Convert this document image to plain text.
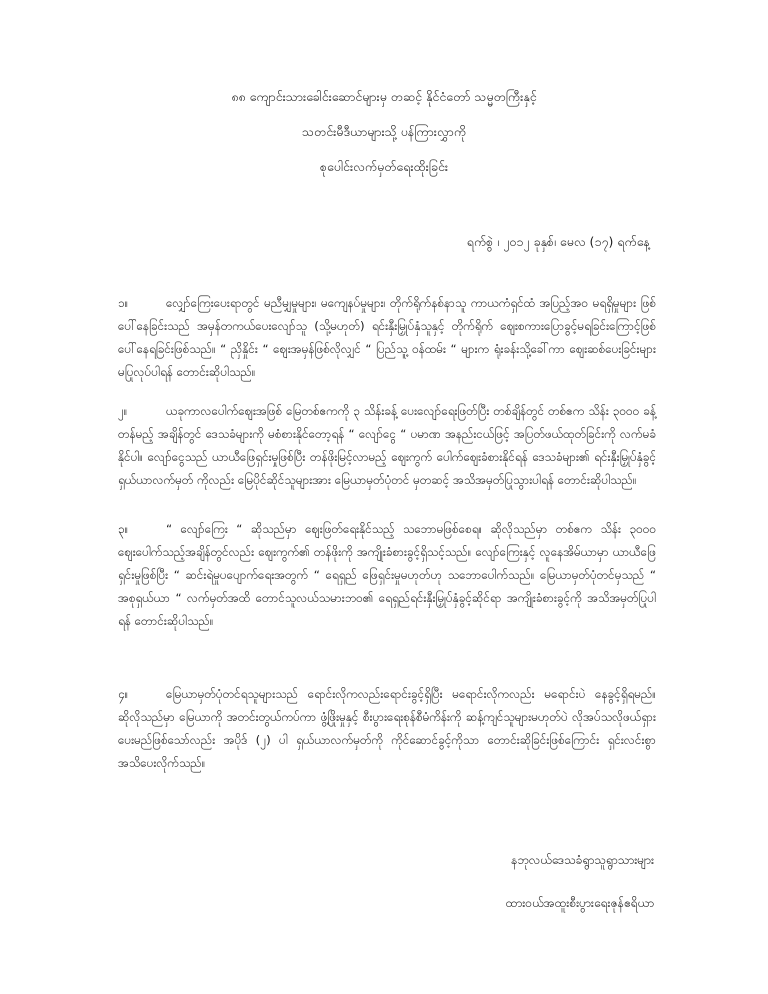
၈၈ ကျောင်းသားခေါင်းဆောင်များမှ တဆင့် နိုင်ငံတော် သမ္မတကြီးနှင့်
သတင်းမီဒီယာများသို့ ပန်ကြားလွှာကို
စုပေါင်းလက်မှတ်ရေးထိုးခြင်း
ရက်စွဲ ၊ ၂၀၁၂ ခုနှစ်၊ မေလ (၁၇) ရက်နေ့
၁။	လျှော်ကြေးပေးရာတွင် မညီမျှမှုများ၊ မကျေနပ်မှုများ၊ တိုက်ရိုက်နစ်နာသူ ကာယကံရှင်ထံ အပြည့်အဝ မရရှိမှုများ ဖြစ်ပေါ်နေခြင်းသည် အမှန်တကယ်ပေးလျော်သူ (သို့မဟုတ်) ရင်းနှီးမြှုပ်နှံသူနှင့် တိုက်ရိုက် ဈေးစကားပြောခွင့်မရခြင်းကြောင့်ဖြစ်ပေါ်နေရခြင်းဖြစ်သည်။ “ ညှိနှိုင်း “ ဈေးအမှန်ဖြစ်လိုလျှင် “ ပြည်သူ့ ဝန်ထမ်း “ များက ရုံးခန်းသို့ခေါ်ကာ ဈေးဆစ်ပေးခြင်းများ မပြုလုပ်ပါရန် တောင်းဆိုပါသည်။
၂။	ယခုကာလပေါက်ဈေးအဖြစ် မြေတစ်ဧကကို ၃ သိန်းခန့် ပေးလျော်ရေးဖြတ်ပြီး တစ်ချိန်တွင် တစ်ဧက သိန်း ၃၀၀၀ ခန့်တန်မည့် အချိန်တွင် ဒေသခံများကို မစံစားနိုင်တော့ရန် “ လျော်ငွေ “ ပမာဏ အနည်းငယ်ဖြင့် အပြတ်ဖယ်ထုတ်ခြင်းကို လက်မခံနိုင်ပါ။ လျော်ငွေသည် ယာယီဖြေရှင်းမှုဖြစ်ပြီး တန်ဖိုးမြင့်လာမည့် ဈေးကွက် ပေါက်ဈေးခံစားနိုင်ရန် ဒေသခံများ၏ ရင်းနှီးမြှုပ်နှံခွင့် ရှယ်ယာလက်မှတ် ကိုလည်း မြေပိုင်ဆိုင်သူများအား မြေယာမှတ်ပုံတင် မှတဆင့် အသိအမှတ်ပြုသွားပါရန် တောင်းဆိုပါသည်။
၃။	“ လျော်ကြေး “ ဆိုသည်မှာ ဈေးဖြတ်ရေးနိုင်သည့် သဘောမဖြစ်စေရ။ ဆိုလိုသည်မှာ တစ်ဧက သိန်း ၃၀၀၀ ဈေးပေါက်သည့်အချိန်တွင်လည်း ဈေးကွက်၏ တန်ဖိုးကို အကျိုးခံစားခွင့်ရှိသင့်သည်။ လျော်ကြေးနှင့် လူနေအိမ်ယာမှာ ယာယီဖြေရှင်းမှုဖြစ်ပြီး “ ဆင်းရဲမှုပပျောက်ရေးအတွက် “ ရေရှည် ဖြေရှင်းမှုမဟုတ်ဟု သဘောပေါက်သည်။ မြေယာမှတ်ပုံတင်မှသည် “ အစုရှယ်ယာ “ လက်မှတ်အထိ တောင်သူလယ်သမားဘဝ၏ ရေရှည်ရင်းနှီးမြှုပ်နှံခွင့်ဆိုင်ရာ အကျိုးခံစားခွင့်ကို အသိအမှတ်ပြုပါရန် တောင်းဆိုပါသည်။
၄။	မြေယာမှတ်ပုံတင်ရသူများသည် ရောင်းလိုကလည်းရောင်းခွင့်ရှိပြီး မရောင်းလိုကလည်း မရောင်းပဲ နေခွင့်ရှိရမည်။ ဆိုလိုသည်မှာ မြေယာကို အတင်းတွယ်ကပ်ကာ ဖွံ့ဖြိုးမှုနှင့် စီးပွားရေးစုန်စီမံကိန်းကို ဆန့်ကျင်သူများမဟုတ်ပဲ လိုအပ်သလိုဖယ်ရှားပေးမည်ဖြစ်သော်လည်း အပိုဒ် (၂) ပါ ရှယ်ယာလက်မှတ်ကို ကိုင်ဆောင်ခွင့်ကိုသာ တောင်းဆိုခြင်းဖြစ်ကြောင်း ရှင်းလင်းစွာအသိပေးလိုက်သည်။
နဘုလယ်ဒေသခံရွာသူရွာသားများ
ထားဝယ်အထူးစီးပွားရေးဇုန်ဧရိယာ
